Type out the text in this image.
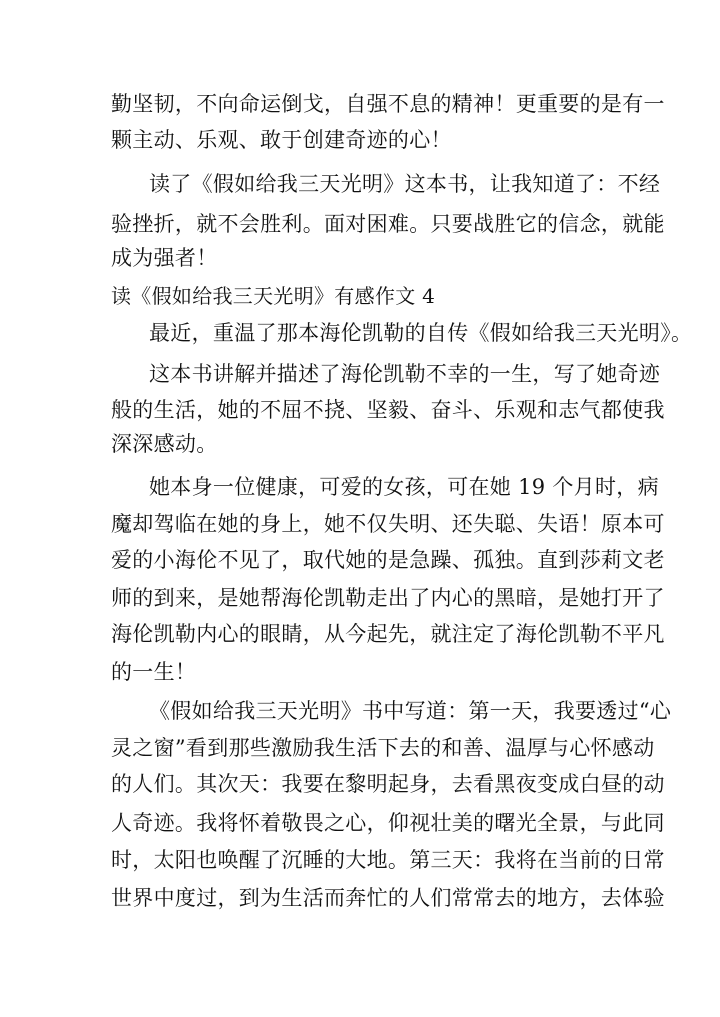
勤坚韧，不向命运倒戈，自强不息的精神！更重要的是有一
颗主动、乐观、敢于创建奇迹的心！
读了《假如给我三天光明》这本书，让我知道了：不经
验挫折，就不会胜利。面对困难。只要战胜它的信念，就能
成为强者！
读《假如给我三天光明》有感作文 4
最近，重温了那本海伦凯勒的自传《假如给我三天光明》。
这本书讲解并描述了海伦凯勒不幸的一生，写了她奇迹
般的生活，她的不屈不挠、坚毅、奋斗、乐观和志气都使我
深深感动。
她本身一位健康，可爱的女孩，可在她 19 个月时，病
魔却驾临在她的身上，她不仅失明、还失聪、失语！原本可
爱的小海伦不见了，取代她的是急躁、孤独。直到莎莉文老
师的到来，是她帮海伦凯勒走出了内心的黑暗，是她打开了
海伦凯勒内心的眼睛，从今起先，就注定了海伦凯勒不平凡
的一生！
《假如给我三天光明》书中写道：第一天，我要透过“心
灵之窗”看到那些激励我生活下去的和善、温厚与心怀感动
的人们。其次天：我要在黎明起身，去看黑夜变成白昼的动
人奇迹。我将怀着敬畏之心，仰视壮美的曙光全景，与此同
时，太阳也唤醒了沉睡的大地。第三天：我将在当前的日常
世界中度过，到为生活而奔忙的人们常常去的地方，去体验
